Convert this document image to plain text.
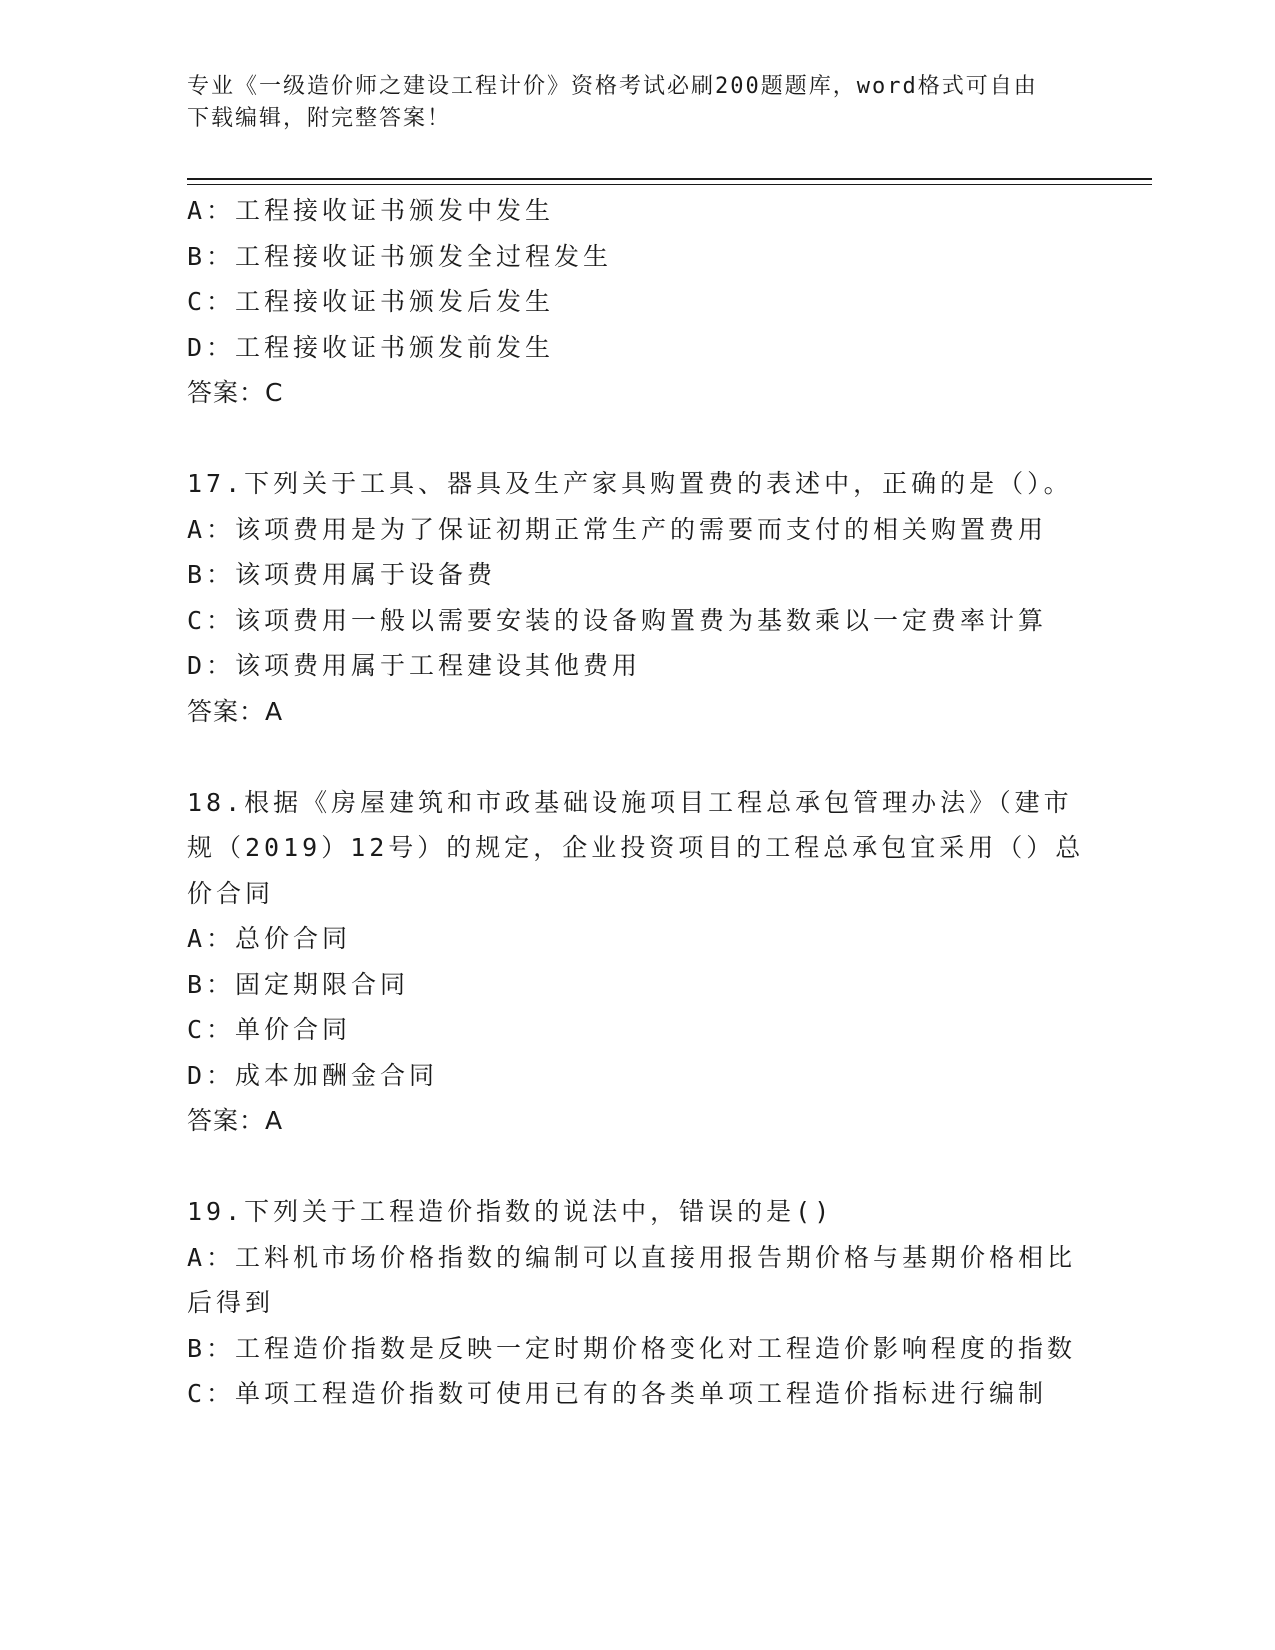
专业《一级造价师之建设工程计价》资格考试必刷200题题库，word格式可自由
下载编辑，附完整答案！
A：工程接收证书颁发中发生
B：工程接收证书颁发全过程发生
C：工程接收证书颁发后发生
D：工程接收证书颁发前发生
答案：C
17.下列关于工具、器具及生产家具购置费的表述中，正确的是（）。
A：该项费用是为了保证初期正常生产的需要而支付的相关购置费用
B：该项费用属于设备费
C：该项费用一般以需要安装的设备购置费为基数乘以一定费率计算
D：该项费用属于工程建设其他费用
答案：A
18.根据《房屋建筑和市政基础设施项目工程总承包管理办法》（建市
规（2019）12号）的规定，企业投资项目的工程总承包宜采用（）总
价合同
A：总价合同
B：固定期限合同
C：单价合同
D：成本加酬金合同
答案：A
19.下列关于工程造价指数的说法中，错误的是()
A：工料机市场价格指数的编制可以直接用报告期价格与基期价格相比
后得到
B：工程造价指数是反映一定时期价格变化对工程造价影响程度的指数
C：单项工程造价指数可使用已有的各类单项工程造价指标进行编制
